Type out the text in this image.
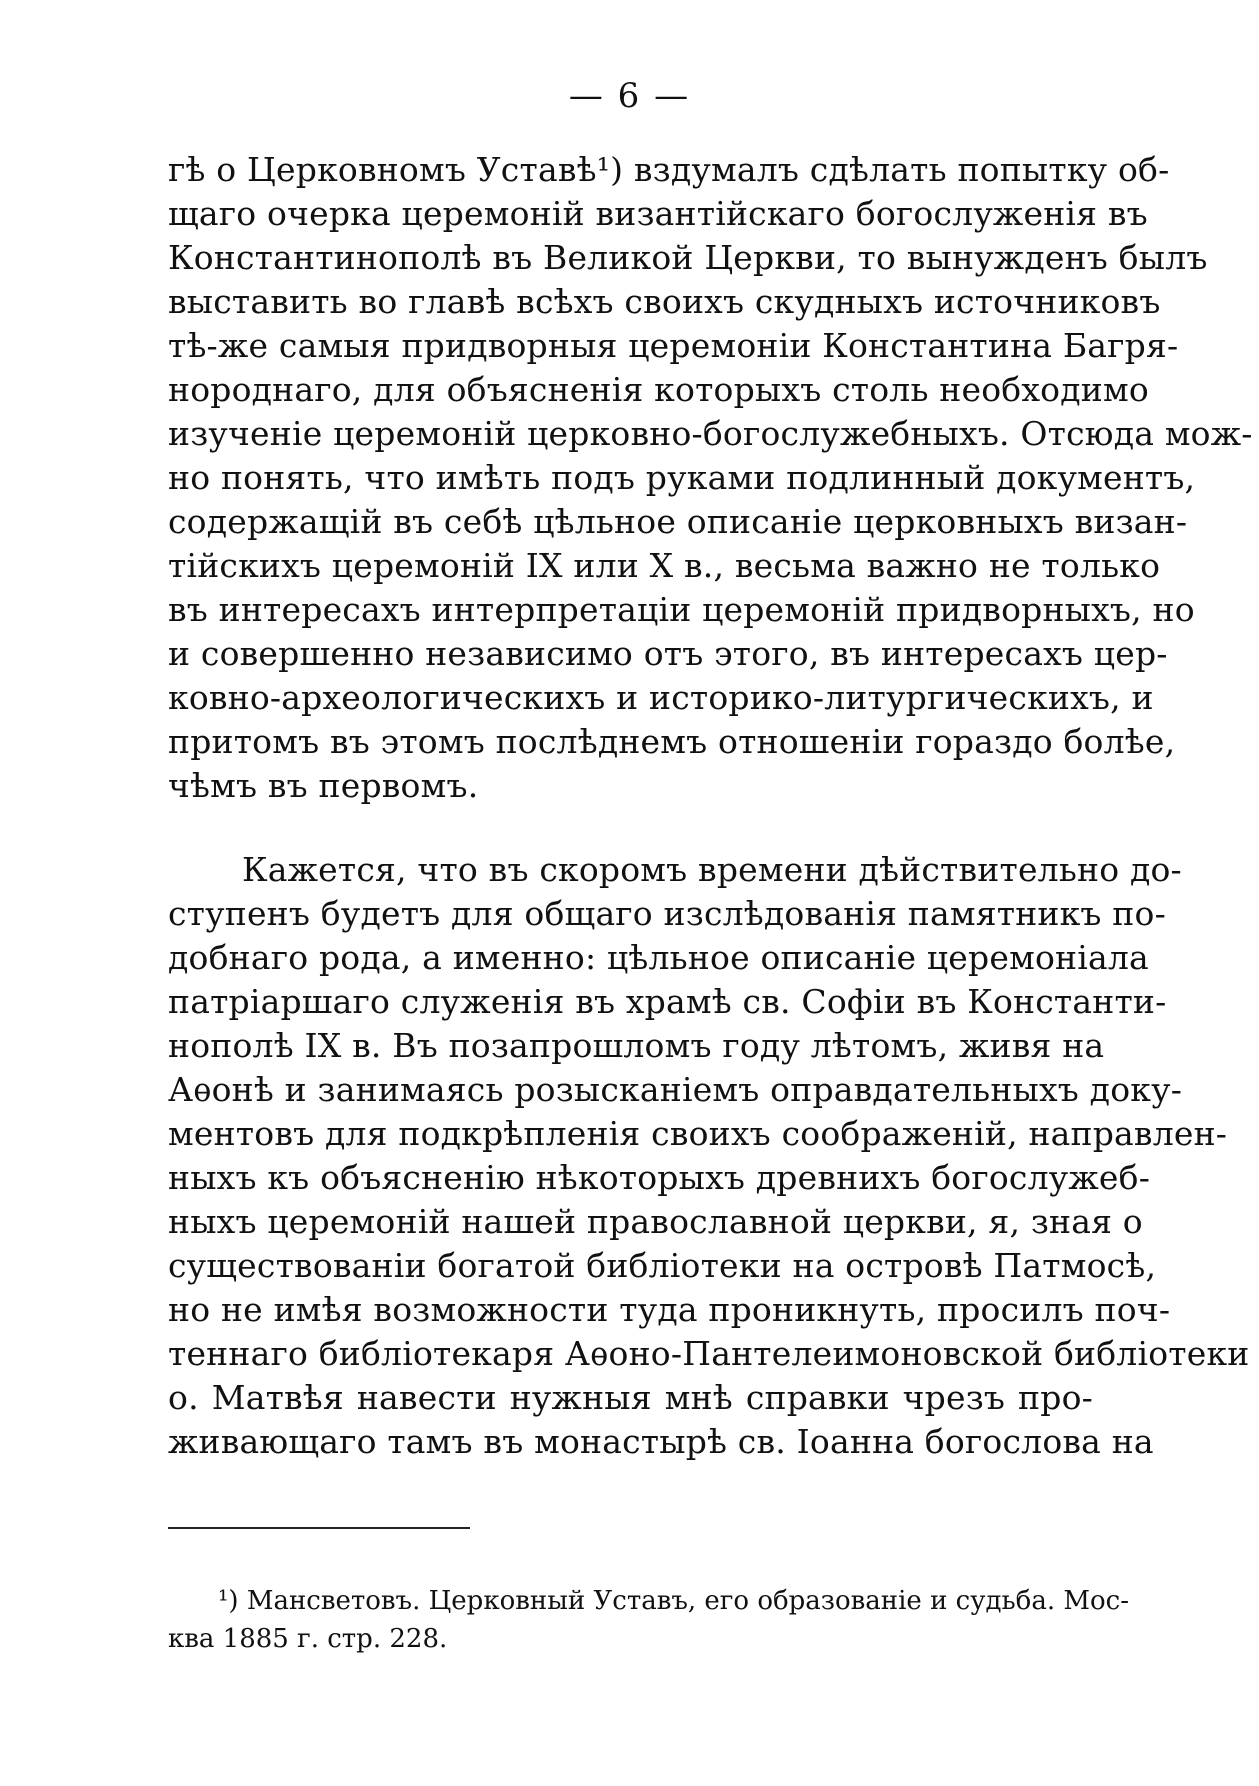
— 6 —
гѣ о Церковномъ Уставѣ¹) вздумалъ сдѣлать попытку об-
щаго очерка церемоній византійскаго богослуженія въ
Константинополѣ въ Великой Церкви, то вынужденъ былъ
выставить во главѣ всѣхъ своихъ скудныхъ источниковъ
тѣ-же самыя придворныя церемоніи Константина Багря-
нороднаго, для объясненія которыхъ столь необходимо
изученіе церемоній церковно-богослужебныхъ. Отсюда мож-
но понять, что имѣть подъ руками подлинный документъ,
содержащій въ себѣ цѣльное описаніе церковныхъ визан-
тійскихъ церемоній IX или X в., весьма важно не только
въ интересахъ интерпретаціи церемоній придворныхъ, но
и совершенно независимо отъ этого, въ интересахъ цер-
ковно-археологическихъ и историко-литургическихъ, и
притомъ въ этомъ послѣднемъ отношеніи гораздо болѣе,
чѣмъ въ первомъ.
Кажется, что въ скоромъ времени дѣйствительно до-
ступенъ будетъ для общаго изслѣдованія памятникъ по-
добнаго рода, а именно: цѣльное описаніе церемоніала
патріаршаго служенія въ храмѣ св. Софіи въ Константи-
нополѣ IX в. Въ позапрошломъ году лѣтомъ, живя на
Аѳонѣ и занимаясь розысканіемъ оправдательныхъ доку-
ментовъ для подкрѣпленія своихъ соображеній, направлен-
ныхъ къ объясненію нѣкоторыхъ древнихъ богослужеб-
ныхъ церемоній нашей православной церкви, я, зная о
существованіи богатой библіотеки на островѣ Патмосѣ,
но не имѣя возможности туда проникнуть, просилъ поч-
теннаго библіотекаря Аѳоно-Пантелеимоновской библіотеки
о. Матвѣя навести нужныя мнѣ справки чрезъ про-
живающаго тамъ въ монастырѣ св. Іоанна богослова на
¹) Мансветовъ. Церковный Уставъ, его образованіе и судьба. Мос-
ква 1885 г. стр. 228.
